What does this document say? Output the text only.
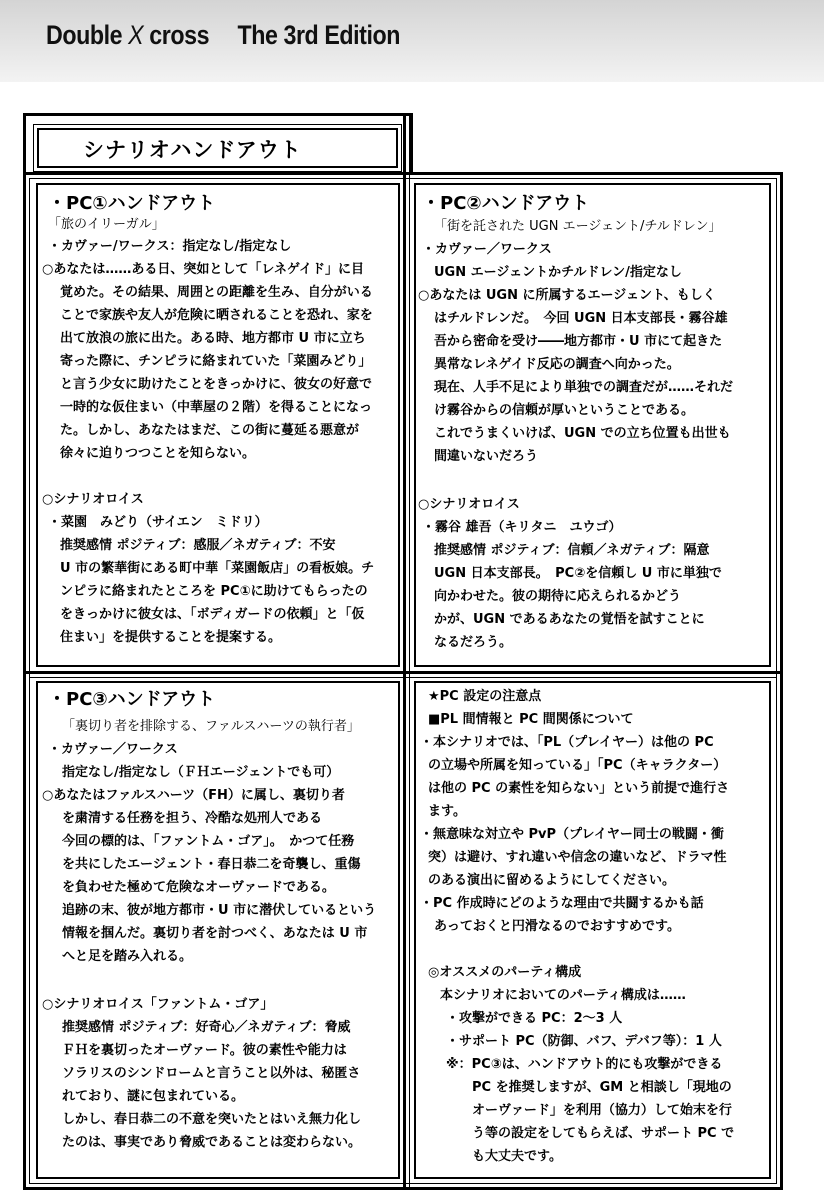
Double Χ cross The 3rd Edition
シナリオハンドアウト
・PC①ハンドアウト
「旅のイリーガル」
・カヴァー/ワークス：指定なし/指定なし
○あなたは……ある日、突如として「レネゲイド」に目
覚めた。その結果、周囲との距離を生み、自分がいる
ことで家族や友人が危険に晒されることを恐れ、家を
出て放浪の旅に出た。ある時、地方都市 U 市に立ち
寄った際に、チンピラに絡まれていた「菜園みどり」
と言う少女に助けたことをきっかけに、彼女の好意で
一時的な仮住まい（中華屋の２階）を得ることになっ
た。しかし、あなたはまだ、この街に蔓延る悪意が
徐々に迫りつつことを知らない。
○シナリオロイス
・菜園　みどり（サイエン　ミドリ）
推奨感情 ポジティブ：感服／ネガティブ：不安
U 市の繁華街にある町中華「菜園飯店」の看板娘。チ
ンピラに絡まれたところを PC①に助けてもらったの
をきっかけに彼女は、「ボディガードの依頼」と「仮
住まい」を提供することを提案する。
・PC②ハンドアウト
「街を託された UGN エージェント/チルドレン」
・カヴァー／ワークス
UGN エージェントかチルドレン/指定なし
○あなたは UGN に所属するエージェント、もしく
はチルドレンだ。　今回 UGN 日本支部長・霧谷雄
吾から密命を受け――地方都市・U 市にて起きた
異常なレネゲイド反応の調査へ向かった。
現在、人手不足により単独での調査だが……それだ
け霧谷からの信頼が厚いということである。
これでうまくいけば、UGN での立ち位置も出世も
間違いないだろう
○シナリオロイス
・霧谷 雄吾（キリタニ　ユウゴ）
推奨感情 ポジティブ：信頼／ネガティブ：隔意
UGN 日本支部長。　PC②を信頼し U 市に単独で
向かわせた。彼の期待に応えられるかどう
かが、UGN であるあなたの覚悟を試すことに
なるだろう。
・PC③ハンドアウト
「裏切り者を排除する、ファルスハーツの執行者」
・カヴァー／ワークス
指定なし/指定なし（ＦＨエージェントでも可）
○あなたはファルスハーツ（FH）に属し、裏切り者
を粛清する任務を担う、冷酷な処刑人である
今回の標的は、「ファントム・ゴア」。　かつて任務
を共にしたエージェント・春日恭二を奇襲し、重傷
を負わせた極めて危険なオーヴァードである。
追跡の末、彼が地方都市・U 市に潜伏しているという
情報を掴んだ。裏切り者を討つべく、あなたは U 市
へと足を踏み入れる。
○シナリオロイス「ファントム・ゴア」
推奨感情 ポジティブ：好奇心／ネガティブ：脅威
ＦＨを裏切ったオーヴァード。彼の素性や能力は
ソラリスのシンドロームと言うこと以外は、秘匿さ
れており、謎に包まれている。
しかし、春日恭二の不意を突いたとはいえ無力化し
たのは、事実であり脅威であることは変わらない。
★PC 設定の注意点
■PL 間情報と PC 間関係について
・本シナリオでは、「PL（プレイヤー）は他の PC
の立場や所属を知っている」「PC（キャラクター）
は他の PC の素性を知らない」という前提で進行さ
ます。
・無意味な対立や PvP（プレイヤー同士の戦闘・衝
突）は避け、すれ違いや信念の違いなど、ドラマ性
のある演出に留めるようにしてください。
・PC 作成時にどのような理由で共闘するかも話
あっておくと円滑なるのでおすすめです。
◎オススメのパーティ構成
本シナリオにおいてのパーティ構成は……
・攻撃ができる PC：2～3 人
・サポート PC（防御、バフ、デバフ等）：1 人
※：PC③は、ハンドアウト的にも攻撃ができる
PC を推奨しますが、GM と相談し「現地の
オーヴァード」を利用（協力）して始末を行
う等の設定をしてもらえば、サポート PC で
も大丈夫です。
